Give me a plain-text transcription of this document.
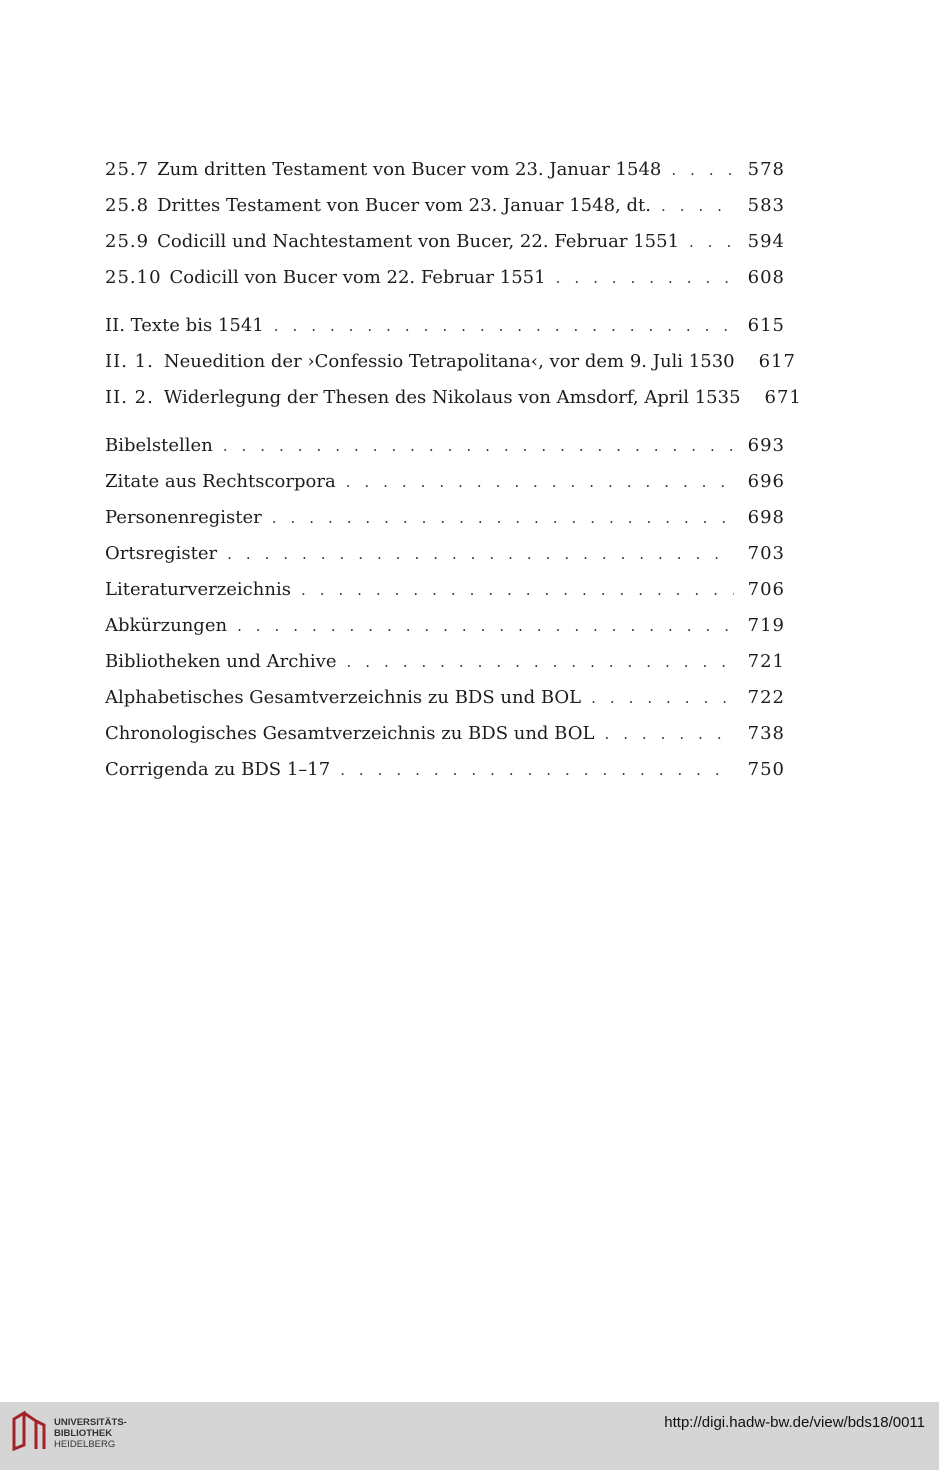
25.7 Zum dritten Testament von Bucer vom 23. Januar 1548 . . .	578
25.8 Drittes Testament von Bucer vom 23. Januar 1548, dt. . . .	583
25.9 Codicill und Nachtestament von Bucer, 22. Februar 1551 . . .	594
25.10 Codicill von Bucer vom 22. Februar 1551 . . .	608
II. Texte bis 1541 . . .	615
II. 1. Neuedition der ›Confessio Tetrapolitana‹, vor dem 9. Juli 1530 617
II. 2. Widerlegung der Thesen des Nikolaus von Amsdorf, April 1535 671
Bibelstellen . . .	693
Zitate aus Rechtscorpora . . .	696
Personenregister . . .	698
Ortsregister . . .	703
Literaturverzeichnis . . .	706
Abkürzungen . . .	719
Bibliotheken und Archive . . .	721
Alphabetisches Gesamtverzeichnis zu BDS und BOL . . .	722
Chronologisches Gesamtverzeichnis zu BDS und BOL . . .	738
Corrigenda zu BDS 1–17 . . .	750
UNIVERSITÄTS-
BIBLIOTHEK
HEIDELBERG
http://digi.hadw-bw.de/view/bds18/0011
